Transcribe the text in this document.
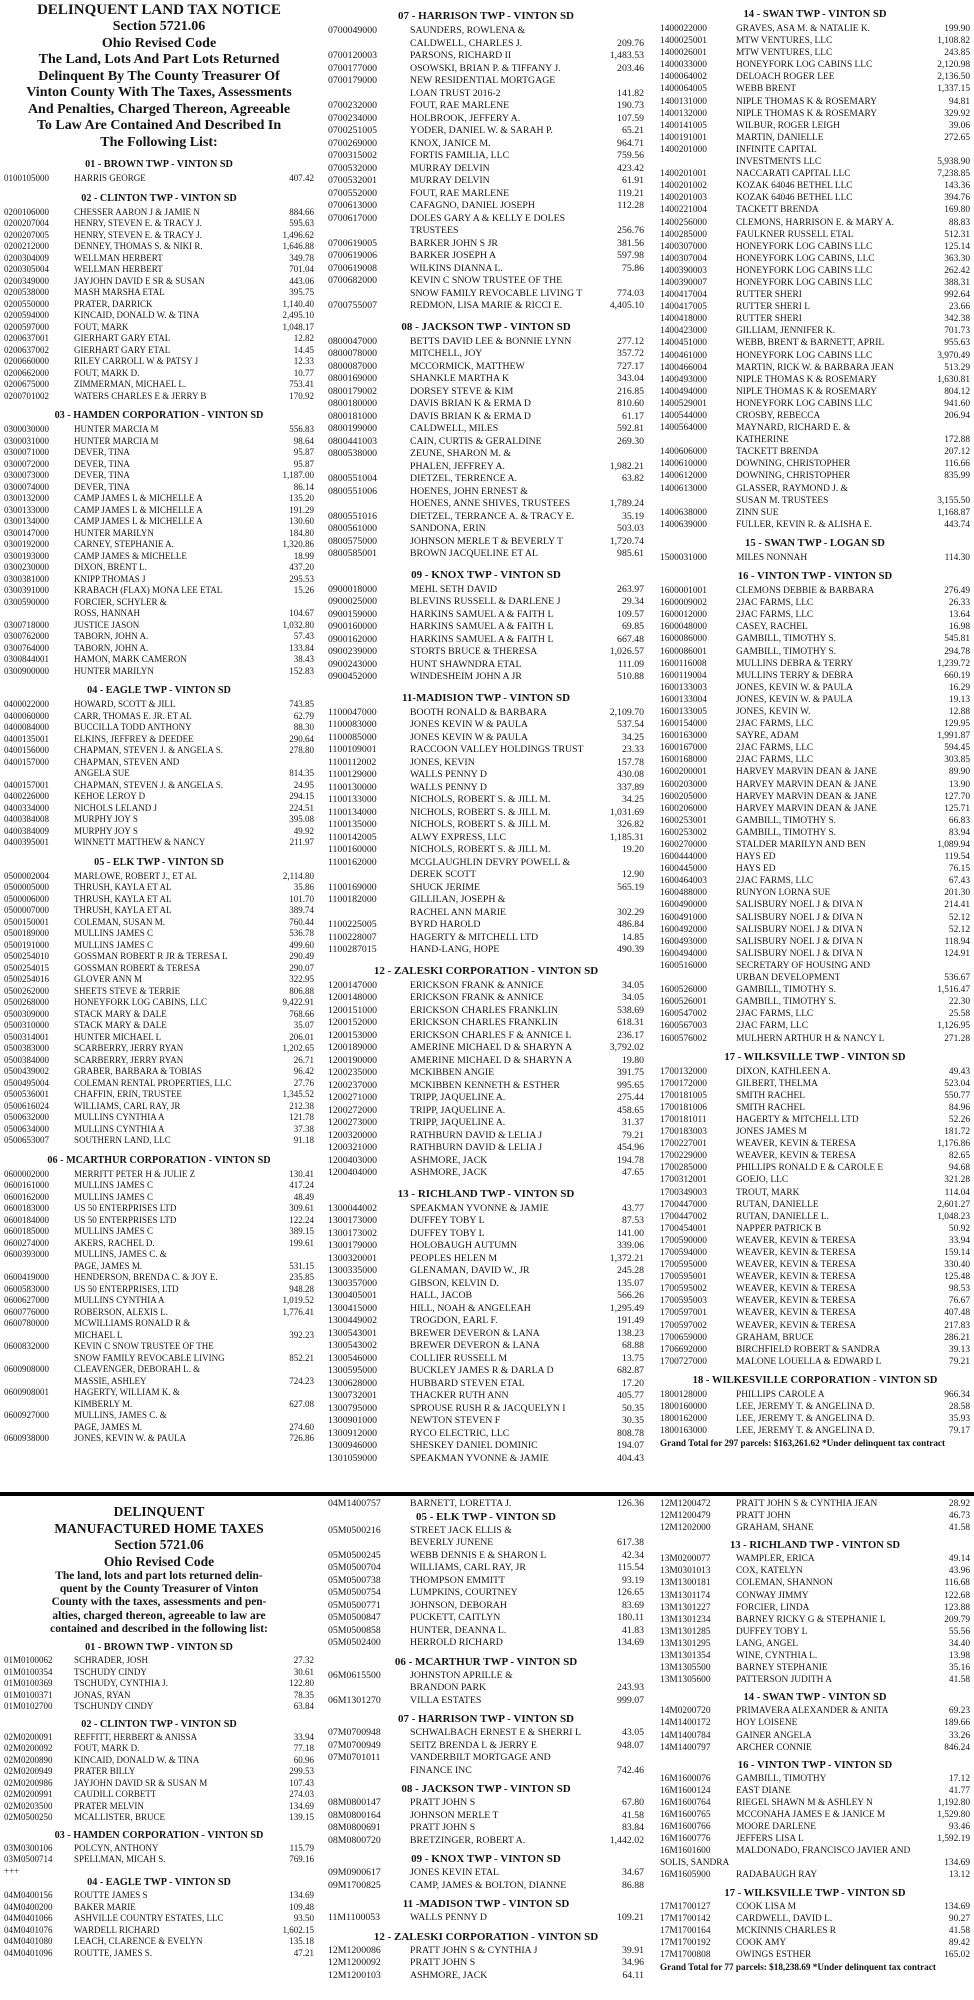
DELINQUENT LAND TAX NOTICE
Section 5721.06
Ohio Revised Code
The Land, Lots And Part Lots Returned
Delinquent By The County Treasurer Of
Vinton County With The Taxes, Assessments
And Penalties, Charged Thereon, Agreeable
To Law Are Contained And Described In
The Following List:
01 - BROWN TWP - VINTON SD
0100105000	HARRIS GEORGE	407.42
02 - CLINTON TWP - VINTON SD
0200106000	CHESSER AARON J & JAMIE N	884.66
0200207004	HENRY, STEVEN E. & TRACY J.	595.63
0200207005	HENRY, STEVEN E. & TRACY J.	1,496.62
0200212000	DENNEY, THOMAS S. & NIKI R.	1,646.88
0200304009	WELLMAN HERBERT	349.78
0200305004	WELLMAN HERBERT	701.04
0200349000	JAYJOHN DAVID E SR & SUSAN	443.06
0200538000	MASH MARSHA ETAL	395.75
0200550000	PRATER, DARRICK	1,140.40
0200594000	KINCAID, DONALD W. & TINA	2,495.10
0200597000	FOUT, MARK	1,048.17
0200637001	GIERHART GARY ETAL	12.82
0200637002	GIERHART GARY ETAL	14.45
0200660000	RILEY CARROLL W & PATSY J	12.33
0200662000	FOUT, MARK D.	10.77
0200675000	ZIMMERMAN, MICHAEL L.	753.41
0200701002	WATERS CHARLES E & JERRY B	170.92
03 - HAMDEN CORPORATION - VINTON SD
0300030000	HUNTER MARCIA M	556.83
0300031000	HUNTER MARCIA M	98.64
0300071000	DEVER, TINA	95.87
0300072000	DEVER, TINA	95.87
0300073000	DEVER, TINA	1,187.00
0300074000	DEVER, TINA	86.14
0300132000	CAMP JAMES L & MICHELLE A	135.20
0300133000	CAMP JAMES L & MICHELLE A	191.29
0300134000	CAMP JAMES L & MICHELLE A	130.60
0300147000	HUNTER MARILYN	184.80
0300192000	CARNEY, STEPHANIE A.	1,320.86
0300193000	CAMP JAMES & MICHELLE	18.99
0300230000	DIXON, BRENT L.	437.20
0300381000	KNIPP THOMAS J	295.53
0300391000	KRABACH (FLAX) MONA LEE ETAL	15.26
0300590000	FORCIER, SCHYLER &
ROSS, HANNAH	104.67
0300718000	JUSTICE JASON	1,032.80
0300762000	TABORN, JOHN A.	57.43
0300764000	TABORN, JOHN A.	133.84
0300844001	HAMON, MARK CAMERON	38.43
0300900000	HUNTER MARILYN	152.83
04 - EAGLE TWP - VINTON SD
0400022000	HOWARD, SCOTT & JILL	743.85
0400060000	CARR, THOMAS E. JR. ET AL	62.79
0400084000	BUCCILLA TODD ANTHONY	88.30
0400135001	ELKINS, JEFFREY & DEEDEE	290.64
0400156000	CHAPMAN, STEVEN J. & ANGELA S.	278.80
0400157000	CHAPMAN, STEVEN AND
ANGELA SUE	814.35
0400157001	CHAPMAN, STEVEN J. & ANGELA S.	24.95
0400226000	KEHOE LEROY D	294.15
0400334000	NICHOLS LELAND J	224.51
0400384008	MURPHY JOY S	395.08
0400384009	MURPHY JOY S	49.92
0400395001	WINNETT MATTHEW & NANCY	211.97
05 - ELK TWP - VINTON SD
0500002004	MARLOWE, ROBERT J., ET AL	2,114.80
0500005000	THRUSH, KAYLA ET AL	35.86
0500006000	THRUSH, KAYLA ET AL	101.70
0500007000	THRUSH, KAYLA ET AL	389.74
0500150001	COLEMAN, SUSAN M.	760.44
0500189000	MULLINS JAMES C	536.78
0500191000	MULLINS JAMES C	499.60
0500254010	GOSSMAN ROBERT R JR & TERESA L	290.49
0500254015	GOSSMAN ROBERT & TERESA	290.07
0500254016	GLOVER ANN M	322.95
0500262000	SHEETS STEVE & TERRIE	806.88
0500268000	HONEYFORK LOG CABINS, LLC	9,422.91
0500309000	STACK MARY & DALE	768.66
0500310000	STACK MARY & DALE	35.07
0500314001	HUNTER MICHAEL L	206.01
0500383000	SCARBERRY, JERRY RYAN	1,202.65
0500384000	SCARBERRY, JERRY RYAN	26.71
0500439002	GRABER, BARBARA & TOBIAS	96.42
0500495004	COLEMAN RENTAL PROPERTIES, LLC	27.76
0500536001	CHAFFIN, ERIN, TRUSTEE	1,345.52
0500616024	WILLIAMS, CARL RAY, JR	212.38
0500632000	MULLINS CYNTHIA A	121.78
0500634000	MULLINS CYNTHIA A	37.38
0500653007	SOUTHERN LAND, LLC	91.18
06 - MCARTHUR CORPORATION - VINTON SD
0600002000	MERRITT PETER H & JULIE Z	130.41
0600161000	MULLINS JAMES C	417.24
0600162000	MULLINS JAMES C	48.49
0600183000	US 50 ENTERPRISES LTD	309.61
0600184000	US 50 ENTERPRISES LTD	122.24
0600185000	MULLINS JAMES C	389.15
0600274000	AKERS, RACHEL D.	199.61
0600393000	MULLINS, JAMES C. &
PAGE, JAMES M.	531.15
0600419000	HENDERSON, BRENDA C. & JOY E.	235.85
0600583000	US 50 ENTERPRISES, LTD	948.28
0600627000	MULLINS CYNTHIA A	1,019.52
0600776000	ROBERSON, ALEXIS L.	1,776.41
0600780000	MCWILLIAMS RONALD R &
MICHAEL L	392.23
0600832000	KEVIN C SNOW TRUSTEE OF THE
SNOW FAMILY REVOCABLE LIVING	852.21
0600908000	CLEAVENGER, DEBORAH L. &
MASSIE, ASHLEY	724.23
0600908001	HAGERTY, WILLIAM K. &
KIMBERLY M.	627.08
0600927000	MULLINS, JAMES C. &
PAGE, JAMES M.	274.60
0600938000	JONES, KEVIN W. & PAULA	726.86
07 - HARRISON TWP - VINTON SD
0700049000	SAUNDERS, ROWLENA &
CALDWELL, CHARLES J.	209.76
0700120003	PARSONS, RICHARD II	1,483.53
0700177000	OSOWSKI, BRIAN P. & TIFFANY J.	203.46
0700179000	NEW RESIDENTIAL MORTGAGE
LOAN TRUST 2016-2	141.82
0700232000	FOUT, RAE MARLENE	190.73
0700234000	HOLBROOK, JEFFERY A.	107.59
0700251005	YODER, DANIEL W. & SARAH P.	65.21
0700269000	KNOX, JANICE M.	964.71
0700315002	FORTIS FAMILIA, LLC	759.56
0700532000	MURRAY DELVIN	423.42
0700532001	MURRAY DELVIN	61.91
0700552000	FOUT, RAE MARLENE	119.21
0700613000	CAFAGNO, DANIEL JOSEPH	112.28
0700617000	DOLES GARY A & KELLY E DOLES
TRUSTEES	256.76
0700619005	BARKER JOHN S JR	381.56
0700619006	BARKER JOSEPH A	597.98
0700619008	WILKINS DIANNA L.	75.86
0700682000	KEVIN C SNOW TRUSTEE OF THE
SNOW FAMILY REVOCABLE LIVING T	774.03
0700755007	REDMON, LISA MARIE & RICCI E.	4,405.10
08 - JACKSON TWP - VINTON SD
0800047000	BETTS DAVID LEE & BONNIE LYNN	277.12
0800078000	MITCHELL, JOY	357.72
0800087000	MCCORMICK, MATTHEW	727.17
0800169000	SHANKLE MARTHA K	343.04
0800179002	DORSEY STEVE & KIM	216.85
0800180000	DAVIS BRIAN K & ERMA D	810.60
0800181000	DAVIS BRIAN K & ERMA D	61.17
0800199000	CALDWELL, MILES	592.81
0800441003	CAIN, CURTIS & GERALDINE	269.30
0800538000	ZEUNE, SHARON M. &
PHALEN, JEFFREY A.	1,982.21
0800551004	DIETZEL, TERRENCE A.	63.82
0800551006	HOENES, JOHN ERNEST &
HOENES, ANNE SHIVES, TRUSTEES	1,789.24
0800551016	DIETZEL, TERRANCE A. & TRACY E.	35.19
0800561000	SANDONA, ERIN	503.03
0800575000	JOHNSON MERLE T & BEVERLY T	1,720.74
0800585001	BROWN JACQUELINE ET AL	985.61
09 - KNOX TWP - VINTON SD
0900018000	MEHL SETH DAVID	263.97
0900025000	BLEVINS RUSSELL & DARLENE J	29.34
0900159000	HARKINS SAMUEL A & FAITH L	109.57
0900160000	HARKINS SAMUEL A & FAITH L	69.85
0900162000	HARKINS SAMUEL A & FAITH L	667.48
0900239000	STORTS BRUCE & THERESA	1,026.57
0900243000	HUNT SHAWNDRA ETAL	111.09
0900452000	WINDESHEIM JOHN A JR	510.88
11-MADISION TWP - VINTON SD
1100047000	BOOTH RONALD & BARBARA	2,109.70
1100083000	JONES KEVIN W & PAULA	537.54
1100085000	JONES KEVIN W & PAULA	34.25
1100109001	RACCOON VALLEY HOLDINGS TRUST	23.33
1100112002	JONES, KEVIN	157.78
1100129000	WALLS PENNY D	430.08
1100130000	WALLS PENNY D	337.89
1100133000	NICHOLS, ROBERT S. & JILL M.	34.25
1100134000	NICHOLS, ROBERT S. & JILL M.	1,031.69
1100135000	NICHOLS, ROBERT S. & JILL M.	326.82
1100142005	ALWY EXPRESS, LLC	1,185.31
1100160000	NICHOLS, ROBERT S. & JILL M.	19.20
1100162000	MCGLAUGHLIN DEVRY POWELL &
DEREK SCOTT	12.90
1100169000	SHUCK JERIME	565.19
1100182000	GILLILAN, JOSEPH &
RACHEL ANN MARIE	302.29
1100225005	BYRD HAROLD	486.84
1100228007	HAGERTY & MITCHELL LTD	14.85
1100287015	HAND-LANG, HOPE	490.39
12 - ZALESKI CORPORATION - VINTON SD
1200147000	ERICKSON FRANK & ANNICE	34.05
1200148000	ERICKSON FRANK & ANNICE	34.05
1200151000	ERICKSON CHARLES FRANKLIN	538.69
1200152000	ERICKSON CHARLES FRANKLIN	618.31
1200153000	ERICKSON CHARLES F & ANNICE L	236.17
1200189000	AMERINE MICHAEL D & SHARYN A	3,792.02
1200190000	AMERINE MICHAEL D & SHARYN A	19.80
1200235000	MCKIBBEN ANGIE	391.75
1200237000	MCKIBBEN KENNETH & ESTHER	995.65
1200271000	TRIPP, JAQUELINE A.	275.44
1200272000	TRIPP, JAQUELINE A.	458.65
1200273000	TRIPP, JAQUELINE A.	31.37
1200320000	RATHBURN DAVID & LELIA J	79.21
1200321000	RATHBURN DAVID & LELIA J	454.96
1200403000	ASHMORE, JACK	194.78
1200404000	ASHMORE, JACK	47.65
13 - RICHLAND TWP - VINTON SD
1300044002	SPEAKMAN YVONNE & JAMIE	43.77
1300173000	DUFFEY TOBY L	87.53
1300173002	DUFFEY TOBY L	141.00
1300179000	HOLOBAUGH AUTUMN	339.06
1300320001	PEOPLES HELEN M	1,372.21
1300335000	GLENAMAN, DAVID W., JR	245.28
1300357000	GIBSON, KELVIN D.	135.07
1300405001	HALL, JACOB	566.26
1300415000	HILL, NOAH & ANGELEAH	1,295.49
1300449002	TROGDON, EARL F.	191.49
1300543001	BREWER DEVERON & LANA	138.23
1300543002	BREWER DEVERON & LANA	68.88
1300546000	COLLIER RUSSELL M	13.75
1300595000	BUCKLEY JAMES R & DARLA D	682.87
1300628000	HUBBARD STEVEN ETAL	17.20
1300732001	THACKER RUTH ANN	405.77
1300795000	SPROUSE RUSH R & JACQUELYN I	50.35
1300901000	NEWTON STEVEN F	30.35
1300912000	RYCO ELECTRIC, LLC	808.78
1300946000	SHESKEY DANIEL DOMINIC	194.07
1301059000	SPEAKMAN YVONNE & JAMIE	404.43
14 - SWAN TWP - VINTON SD
1400022000	GRAVES, ASA M. & NATALIE K.	199.90
1400025001	MTW VENTURES, LLC	1,108.82
1400026001	MTW VENTURES, LLC	243.85
1400033000	HONEYFORK LOG CABINS LLC	2,120.98
1400064002	DELOACH ROGER LEE	2,136.50
1400064005	WEBB BRENT	1,337.15
1400131000	NIPLE THOMAS K & ROSEMARY	94.81
1400132000	NIPLE THOMAS K & ROSEMARY	329.92
1400141005	WILBUR, ROGER LEIGH	39.06
1400191001	MARTIN, DANIELLE	272.65
1400201000	INFINITE CAPITAL
INVESTMENTS LLC	5,938.90
1400201001	NACCARATI CAPITAL LLC	7,238.85
1400201002	KOZAK 64046 BETHEL LLC	143.36
1400201003	KOZAK 64046 BETHEL LLC	394.76
1400221004	TACKETT BRENDA	169.80
1400256000	CLEMONS, HARRISON E. & MARY A.	88.83
1400285000	FAULKNER RUSSELL ETAL	512.31
1400307000	HONEYFORK LOG CABINS LLC	125.14
1400307004	HONEYFORK LOG CABINS, LLC	363.30
1400390003	HONEYFORK LOG CABINS LLC	262.42
1400390007	HONEYFORK LOG CABINS LLC	388.31
1400417004	RUTTER SHERI	992.64
1400417005	RUTTER SHERI L	23.66
1400418000	RUTTER SHERI	342.38
1400423000	GILLIAM, JENNIFER K.	701.73
1400451000	WEBB, BRENT & BARNETT, APRIL	955.63
1400461000	HONEYFORK LOG CABINS LLC	3,970.49
1400466004	MARTIN, RICK W. & BARBARA JEAN	513.29
1400493000	NIPLE THOMAS K & ROSEMARY	1,630.81
1400494000	NIPLE THOMAS K & ROSEMARY	804.12
1400529001	HONEYFORK LOG CABINS LLC	941.60
1400544000	CROSBY, REBECCA	206.94
1400564000	MAYNARD, RICHARD E. &
KATHERINE	172.88
1400606000	TACKETT BRENDA	207.12
1400610000	DOWNING, CHRISTOPHER	116.66
1400612000	DOWNING, CHRISTOPHER	835.99
1400613000	GLASSER, RAYMOND J. &
SUSAN M. TRUSTEES	3,155.50
1400638000	ZINN SUE	1,168.87
1400639000	FULLER, KEVIN R. & ALISHA E.	443.74
15 - SWAN TWP - LOGAN SD
1500031000	MILES NONNAH	114.30
16 - VINTON TWP - VINTON SD
1600001001	CLEMONS DEBBIE & BARBARA	276.49
1600009002	2JAC FARMS, LLC	26.33
1600012000	2JAC FARMS, LLC	13.64
1600048000	CASEY, RACHEL	16.98
1600086000	GAMBILL, TIMOTHY S.	545.81
1600086001	GAMBILL, TIMOTHY S.	294.78
1600116008	MULLINS DEBRA & TERRY	1,239.72
1600119004	MULLINS TERRY & DEBRA	660.19
1600133003	JONES, KEVIN W. & PAULA	16.29
1600133004	JONES, KEVIN W. & PAULA	19.13
1600133005	JONES, KEVIN W.	12.88
1600154000	2JAC FARMS, LLC	129.95
1600163000	SAYRE, ADAM	1,991.87
1600167000	2JAC FARMS, LLC	594.45
1600168000	2JAC FARMS, LLC	303.85
1600200001	HARVEY MARVIN DEAN & JANE	89.90
1600203000	HARVEY MARVIN DEAN & JANE	13.90
1600205000	HARVEY MARVIN DEAN & JANE	127.70
1600206000	HARVEY MARVIN DEAN & JANE	125.71
1600253001	GAMBILL, TIMOTHY S.	66.83
1600253002	GAMBILL, TIMOTHY S.	83.94
1600270000	STALDER MARILYN AND BEN	1,089.94
1600444000	HAYS ED	119.54
1600445000	HAYS ED	76.15
1600464003	2JAC FARMS, LLC	67.43
1600488000	RUNYON LORNA SUE	201.30
1600490000	SALISBURY NOEL J & DIVA N	214.41
1600491000	SALISBURY NOEL J & DIVA N	52.12
1600492000	SALISBURY NOEL J & DIVA N	52.12
1600493000	SALISBURY NOEL J & DIVA N	118.94
1600494000	SALISBURY NOEL J & DIVA N	124.91
1600516000	SECRETARY OF HOUSING AND
URBAN DEVELOPMENT	536.67
1600526000	GAMBILL, TIMOTHY S.	1,516.47
1600526001	GAMBILL, TIMOTHY S.	22.30
1600547002	2JAC FARMS, LLC	25.58
1600567003	2JAC FARM, LLC	1,126.95
1600576002	MULHERN ARTHUR H & NANCY L	271.28
17 - WILKSVILLE TWP - VINTON SD
1700132000	DIXON, KATHLEEN A.	49.43
1700172000	GILBERT, THELMA	523.04
1700181005	SMITH RACHEL	550.77
1700181006	SMITH RACHEL	84.96
1700181011	HAGERTY & MITCHELL LTD	52.26
1700183003	JONES JAMES M	181.72
1700227001	WEAVER, KEVIN & TERESA	1,176.86
1700229000	WEAVER, KEVIN & TERESA	82.65
1700285000	PHILLIPS RONALD E & CAROLE E	94.68
1700312001	GOEJO, LLC	321.28
1700349003	TROUT, MARK	114.04
1700447000	RUTAN, DANIELLE	2,601.27
1700447002	RUTAN, DANIELLE L.	1,048.23
1700454001	NAPPER PATRICK B	50.92
1700590000	WEAVER, KEVIN & TERESA	33.94
1700594000	WEAVER, KEVIN & TERESA	159.14
1700595000	WEAVER, KEVIN & TERESA	330.40
1700595001	WEAVER, KEVIN & TERESA	125.48
1700595002	WEAVER, KEVIN & TERESA	98.53
1700595003	WEAVER, KEVIN & TERESA	76.67
1700597001	WEAVER, KEVIN & TERESA	407.48
1700597002	WEAVER, KEVIN & TERESA	217.83
1700659000	GRAHAM, BRUCE	286.21
1706692000	BIRCHFIELD ROBERT & SANDRA	39.13
1700727000	MALONE LOUELLA & EDWARD L	79.21
18 - WILKESVILLE CORPORATION - VINTON SD
1800128000	PHILLIPS CAROLE A	966.34
1800160000	LEE, JEREMY T. & ANGELINA D.	28.58
1800162000	LEE, JEREMY T. & ANGELINA D.	35.93
1800163000	LEE, JEREMY T. & ANGELINA D.	79.17
Grand Total for 297 parcels: $163,261.62 *Under delinquent tax contract
DELINQUENT
MANUFACTURED HOME TAXES
Section 5721.06
Ohio Revised Code
The land, lots and part lots returned delin-
quent by the County Treasurer of Vinton
County with the taxes, assessments and pen-
alties, charged thereon, agreeable to law are
contained and described in the following list:
01 - BROWN TWP - VINTON SD
01M0100062	SCHRADER, JOSH	27.32
01M0100354	TSCHUDY CINDY	30.61
01M0100369	TSCHUDY, CYNTHIA J.	122.80
01M0100371	JONAS, RYAN	78.35
01M0102700	TSCHUNDY CINDY	63.84
02 - CLINTON TWP - VINTON SD
02M0200091	REFFITT, HERBERT & ANISSA	33.94
02M0200092	FOUT, MARK D.	77.18
02M0200890	KINCAID, DONALD W. & TINA	60.96
02M0200949	PRATER BILLY	299.53
02M0200986	JAYJOHN DAVID SR & SUSAN M	107.43
02M0200991	CAUDILL CORBETT	274.03
02M0203500	PRATER MELVIN	134.69
02M0500250	MCALLISTER, BRUCE	139.15
03 - HAMDEN CORPORATION - VINTON SD
03M0300106	POLCYN, ANTHONY	115.79
03M0500714	SPELLMAN, MICAH S.	769.16
+++
04 - EAGLE TWP - VINTON SD
04M0400156	ROUTTE JAMES S	134.69
04M0400200	BAKER MARIE	109.48
04M0401066	ASHVILLE COUNTRY ESTATES, LLC	93.50
04M0401076	WARDELL RICHARD	1,602.15
04M0401080	LEACH, CLARENCE & EVELYN	135.18
04M0401096	ROUTTE, JAMES S.	47.21
04M1400757	BARNETT, LORETTA J.	126.36
05 - ELK TWP - VINTON SD
05M0500216	STREET JACK ELLIS &
BEVERLY JUNENE	617.38
05M0500245	WEBB DENNIS E & SHARON L	42.34
05M0500704	WILLIAMS, CARL RAY, JR	115.54
05M0500738	THOMPSON EMMITT	93.19
05M0500754	LUMPKINS, COURTNEY	126.65
05M0500771	JOHNSON, DEBORAH	83.69
05M0500847	PUCKETT, CAITLYN	180.11
05M0500858	HUNTER, DEANNA L.	41.83
05M0502400	HERROLD RICHARD	134.69
06 - MCARTHUR TWP - VINTON SD
06M0615500	JOHNSTON APRILLE &
BRANDON PARK	243.93
06M1301270	VILLA ESTATES	999.07
07 - HARRISON TWP - VINTON SD
07M0700948	SCHWALBACH ERNEST E & SHERRI L	43.05
07M0700949	SEITZ BRENDA L & JERRY E	948.07
07M0701011	VANDERBILT MORTGAGE AND
FINANCE INC	742.46
08 - JACKSON TWP - VINTON SD
08M0800147	PRATT JOHN S	67.80
08M0800164	JOHNSON MERLE T	41.58
08M0800691	PRATT JOHN S	83.84
08M0800720	BRETZINGER, ROBERT A.	1,442.02
09 - KNOX TWP - VINTON SD
09M0900617	JONES KEVIN ETAL	34.67
09M1700825	CAMP, JAMES & BOLTON, DIANNE	86.88
11 -MADISON TWP - VINTON SD
11M1100053	WALLS PENNY D	109.21
12 - ZALESKI CORPORATION - VINTON SD
12M1200086	PRATT JOHN S & CYNTHIA J	39.91
12M1200092	PRATT JOHN S	34.96
12M1200103	ASHMORE, JACK	64.11
12M1200472	PRATT JOHN S & CYNTHIA JEAN	28.92
12M1200479	PRATT JOHN	46.73
12M1202000	GRAHAM, SHANE	41.58
13 - RICHLAND TWP - VINTON SD
13M0200077	WAMPLER, ERICA	49.14
13M0301013	COX, KATELYN	43.96
13M1300181	COLEMAN, SHANNON	116.68
13M1301174	CONWAY JIMMY	122.68
13M1301227	FORCIER, LINDA	123.88
13M1301234	BARNEY RICKY G & STEPHANIE L	209.79
13M1301285	DUFFEY TOBY L	55.56
13M1301295	LANG, ANGEL	34.40
13M1301354	WINE, CYNTHIA L.	13.98
13M1305500	BARNEY STEPHANIE	35.16
13M1305600	PATTERSON JUDITH A	41.58
14 - SWAN TWP - VINTON SD
14M0200720	PRIMAVERA ALEXANDER & ANITA	69.23
14M1400172	HOY LOISENE	189.66
14M1400784	GAINER ANGELA	33.26
14M1400797	ARCHER CONNIE	846.24
16 - VINTON TWP - VINTON SD
16M1600076	GAMBILL, TIMOTHY	17.12
16M1600124	EAST DIANE	41.77
16M1600764	RIEGEL SHAWN M & ASHLEY N	1,192.80
16M1600765	MCCONAHA JAMES E & JANICE M	1,529.80
16M1600766	MOORE DARLENE	93.46
16M1600776	JEFFERS LISA L	1,592.19
16M1601600	MALDONADO, FRANCISCO JAVIER AND
SOLIS, SANDRA	134.69
16M1605900	RADABAUGH RAY	13.12
17 - WILKSVILLE TWP - VINTON SD
17M1700127	COOK LISA M	134.69
17M1700142	CARDWELL, DAVID L.	90.27
17M1700164	MCKINNIS CHARLES R	41.58
17M1700192	COOK AMY	89.42
17M1700808	OWINGS ESTHER	165.02
Grand Total for 77 parcels: $18,238.69 *Under delinquent tax contract
